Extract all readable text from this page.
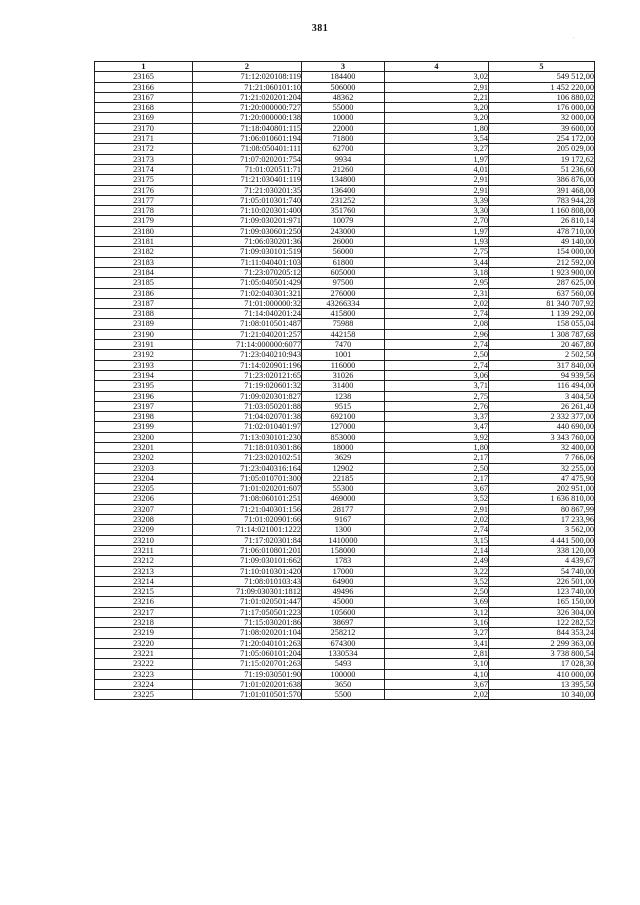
381
.
1	2	3	4	5
23165	71:12:020108:119	184400	3,02	549 512,00
23166	71:21:060101:10	506000	2,91	1 452 220,00
23167	71:21:020201:204	48362	2,21	106 880,02
23168	71:20:000000:727	55000	3,20	176 000,00
23169	71:20:000000:138	10000	3,20	32 000,00
23170	71:18:040801:115	22000	1,80	39 600,00
23171	71:06:010601:194	71800	3,54	254 172,00
23172	71:08:050401:111	62700	3,27	205 029,00
23173	71:07:020201:754	9934	1,97	19 172,62
23174	71:01:020511:71	21260	4,01	51 236,60
23175	71:21:030401:119	134800	2,91	386 876,00
23176	71:21:030201:35	136400	2,91	391 468,00
23177	71:05:010301:740	231252	3,39	783 944,28
23178	71:10:020301:400	351760	3,30	1 160 808,00
23179	71:09:030201:971	10079	2,70	26 810,14
23180	71:09:030601:250	243000	1,97	478 710,00
23181	71:06:030201:36	26000	1,93	49 140,00
23182	71:09:030101:519	56000	2,75	154 000,00
23183	71:11:040401:103	61800	3,44	212 592,00
23184	71:23:070205:12	605000	3,18	1 923 900,00
23185	71:05:040501:429	97500	2,95	287 625,00
23186	71:02:040301:321	276000	2,31	637 560,00
23187	71:01:000000:32	43266334	2,02	81 340 707,92
23188	71:14:040201:24	415800	2,74	1 139 292,00
23189	71:08:010501:487	75988	2,08	158 055,04
23190	71:21:040201:257	442158	2,96	1 308 787,68
23191	71:14:000000:6077	7470	2,74	20 467,80
23192	71:23:040210:943	1001	2,50	2 502,50
23193	71:14:020901:196	116000	2,74	317 840,00
23194	71:23:020121:65	31026	3,06	94 939,56
23195	71:19:020601:32	31400	3,71	116 494,00
23196	71:09:020301:827	1238	2,75	3 404,50
23197	71:03:050201:88	9515	2,76	26 261,40
23198	71:04:020701:38	692100	3,37	2 332 377,00
23199	71:02:010401:97	127000	3,47	440 690,00
23200	71:13:030101:230	853000	3,92	3 343 760,00
23201	71:18:010301:86	18000	1,80	32 400,00
23202	71:23:020102:51	3629	2,17	7 766,06
23203	71:23:040316:164	12902	2,50	32 255,00
23204	71:05:010701:300	22185	2,17	47 475,90
23205	71:01:020201:607	55300	3,67	202 951,00
23206	71:08:060101:251	469000	3,52	1 636 810,00
23207	71:21:040301:156	28177	2,91	80 867,99
23208	71:01:020901:66	9167	2,02	17 233,96
23209	71:14:021001:1222	1300	2,74	3 562,00
23210	71:17:020301:84	1410000	3,15	4 441 500,00
23211	71:06:010801:201	158000	2,14	338 120,00
23212	71:09:030101:662	1783	2,49	4 439,67
23213	71:10:010301:420	17000	3,22	54 740,00
23214	71:08:010103:43	64900	3,52	226 501,00
23215	71:09:030301:1812	49496	2,50	123 740,00
23216	71:01:020501:447	45000	3,69	165 150,00
23217	71:17:050501:223	105600	3,12	326 304,00
23218	71:15:030201:86	38697	3,16	122 282,52
23219	71:08:020201:104	258212	3,27	844 353,24
23220	71:20:040101:263	674300	3,41	2 299 363,00
23221	71:05:060101:204	1330534	2,81	3 738 800,54
23222	71:15:020701:263	5493	3,10	17 028,30
23223	71:19:030501:90	100000	4,10	410 000,00
23224	71:01:020201:638	3650	3,67	13 395,50
23225	71:01:010501:570	5500	2,02	10 340,00
